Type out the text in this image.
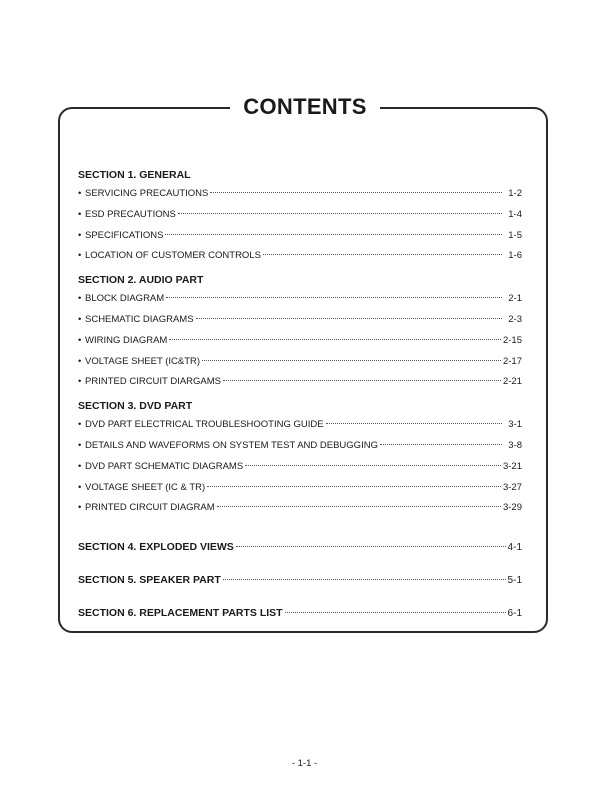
CONTENTS
SECTION 1. GENERAL
• SERVICING PRECAUTIONS	1-2
• ESD PRECAUTIONS	1-4
• SPECIFICATIONS	1-5
• LOCATION OF CUSTOMER CONTROLS	1-6
SECTION 2. AUDIO PART
• BLOCK DIAGRAM	2-1
• SCHEMATIC DIAGRAMS	2-3
• WIRING DIAGRAM	2-15
• VOLTAGE SHEET (IC&TR)	2-17
• PRINTED CIRCUIT DIARGAMS	2-21
SECTION 3. DVD PART
• DVD PART ELECTRICAL TROUBLESHOOTING GUIDE	3-1
• DETAILS AND WAVEFORMS ON SYSTEM TEST AND DEBUGGING	3-8
• DVD PART SCHEMATIC DIAGRAMS	3-21
• VOLTAGE SHEET (IC & TR)	3-27
• PRINTED CIRCUIT DIAGRAM	3-29
SECTION 4. EXPLODED VIEWS	4-1
SECTION 5. SPEAKER PART	5-1
SECTION 6. REPLACEMENT PARTS LIST	6-1
- 1-1 -
